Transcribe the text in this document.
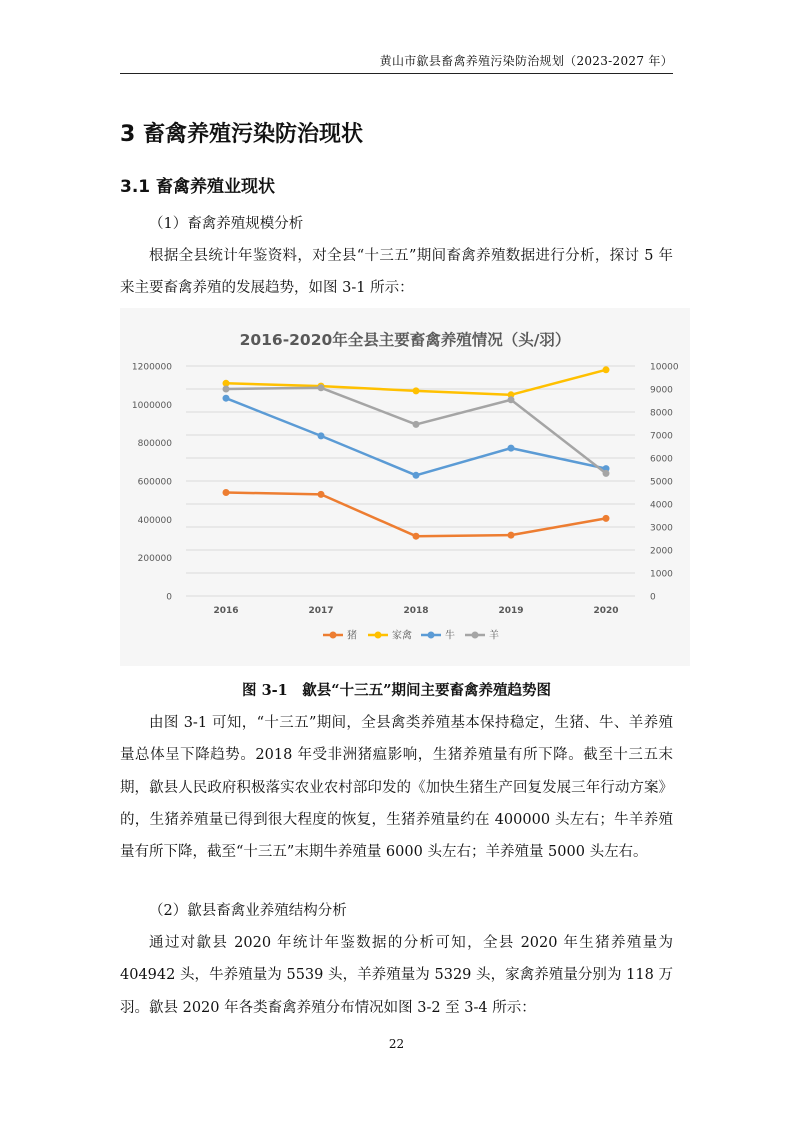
黄山市歙县畜禽养殖污染防治规划（2023-2027 年）
3 畜禽养殖污染防治现状
3.1 畜禽养殖业现状
（1）畜禽养殖规模分析
根据全县统计年鉴资料，对全县“十三五”期间畜禽养殖数据进行分析，探讨 5 年来主要畜禽养殖的发展趋势，如图 3-1 所示：
2016-2020年全县主要畜禽养殖情况（头/羽）
0
1000
2000
3000
4000
5000
6000
7000
8000
9000
10000
0
200000
400000
600000
800000
1000000
1200000
2016	2017	2018	2019	2020
猪	家禽	牛	羊
图 3-1　歙县“十三五”期间主要畜禽养殖趋势图
由图 3-1 可知，“十三五”期间，全县禽类养殖基本保持稳定，生猪、牛、羊养殖量总体呈下降趋势。2018 年受非洲猪瘟影响，生猪养殖量有所下降。截至十三五末期，歙县人民政府积极落实农业农村部印发的《加快生猪生产回复发展三年行动方案》的，生猪养殖量已得到很大程度的恢复，生猪养殖量约在 400000 头左右；牛羊养殖量有所下降，截至“十三五”末期牛养殖量 6000 头左右；羊养殖量 5000 头左右。
（2）歙县畜禽业养殖结构分析
通过对歙县 2020 年统计年鉴数据的分析可知，全县 2020 年生猪养殖量为 404942 头，牛养殖量为 5539 头，羊养殖量为 5329 头，家禽养殖量分别为 118 万羽。歙县 2020 年各类畜禽养殖分布情况如图 3-2 至 3-4 所示：
22
